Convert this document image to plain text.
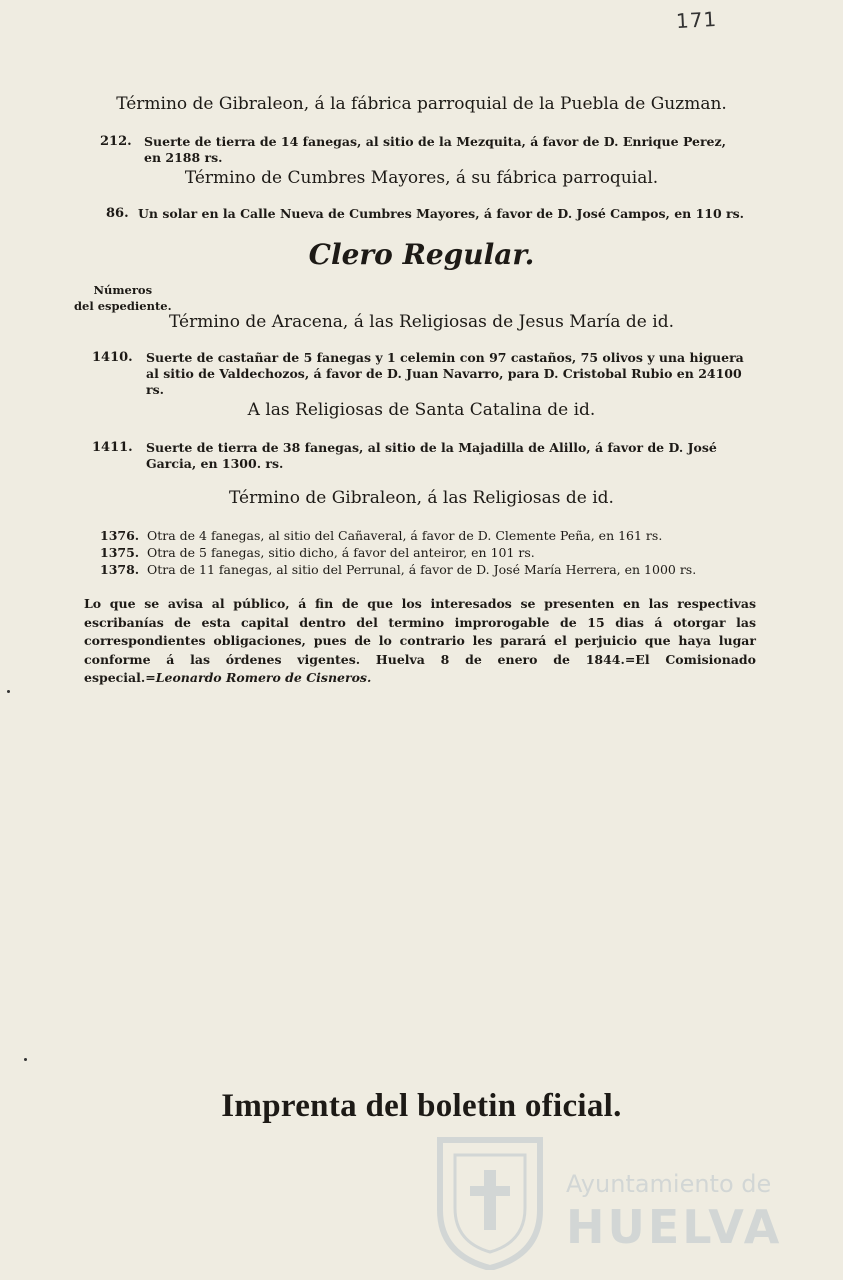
171
Término de Gibraleon, á la fábrica parroquial de la Puebla de Guzman.
212. Suerte de tierra de 14 fanegas, al sitio de la Mezquita, á favor de D. Enrique Perez, en 2188 rs.
Término de Cumbres Mayores, á su fábrica parroquial.
86. Un solar en la Calle Nueva de Cumbres Mayores, á favor de D. José Campos, en 110 rs.
Clero Regular.
Números
del espediente.
Término de Aracena, á las Religiosas de Jesus María de id.
1410. Suerte de castañar de 5 fanegas y 1 celemin con 97 castaños, 75 olivos y una higuera al sitio de Valdechozos, á favor de D. Juan Navarro, para D. Cristobal Rubio en 24100 rs.
A las Religiosas de Santa Catalina de id.
1411. Suerte de tierra de 38 fanegas, al sitio de la Majadilla de Alillo, á favor de D. José Garcia, en 1300. rs.
Término de Gibraleon, á las Religiosas de id.
1376. Otra de 4 fanegas, al sitio del Cañaveral, á favor de D. Clemente Peña, en 161 rs.
1375. Otra de 5 fanegas, sitio dicho, á favor del anteiror, en 101 rs.
1378. Otra de 11 fanegas, al sitio del Perrunal, á favor de D. José María Herrera, en 1000 rs.
Lo que se avisa al público, á fin de que los interesados se presenten en las respectivas escribanías de esta capital dentro del termino improrogable de 15 dias á otorgar las correspondientes obligaciones, pues de lo contrario les parará el perjuicio que haya lugar conforme á las órdenes vigentes. Huelva 8 de enero de 1844.=El Comisionado especial.=Leonardo Romero de Cisneros.
Imprenta del boletin oficial.
Ayuntamiento de
HUELVA
